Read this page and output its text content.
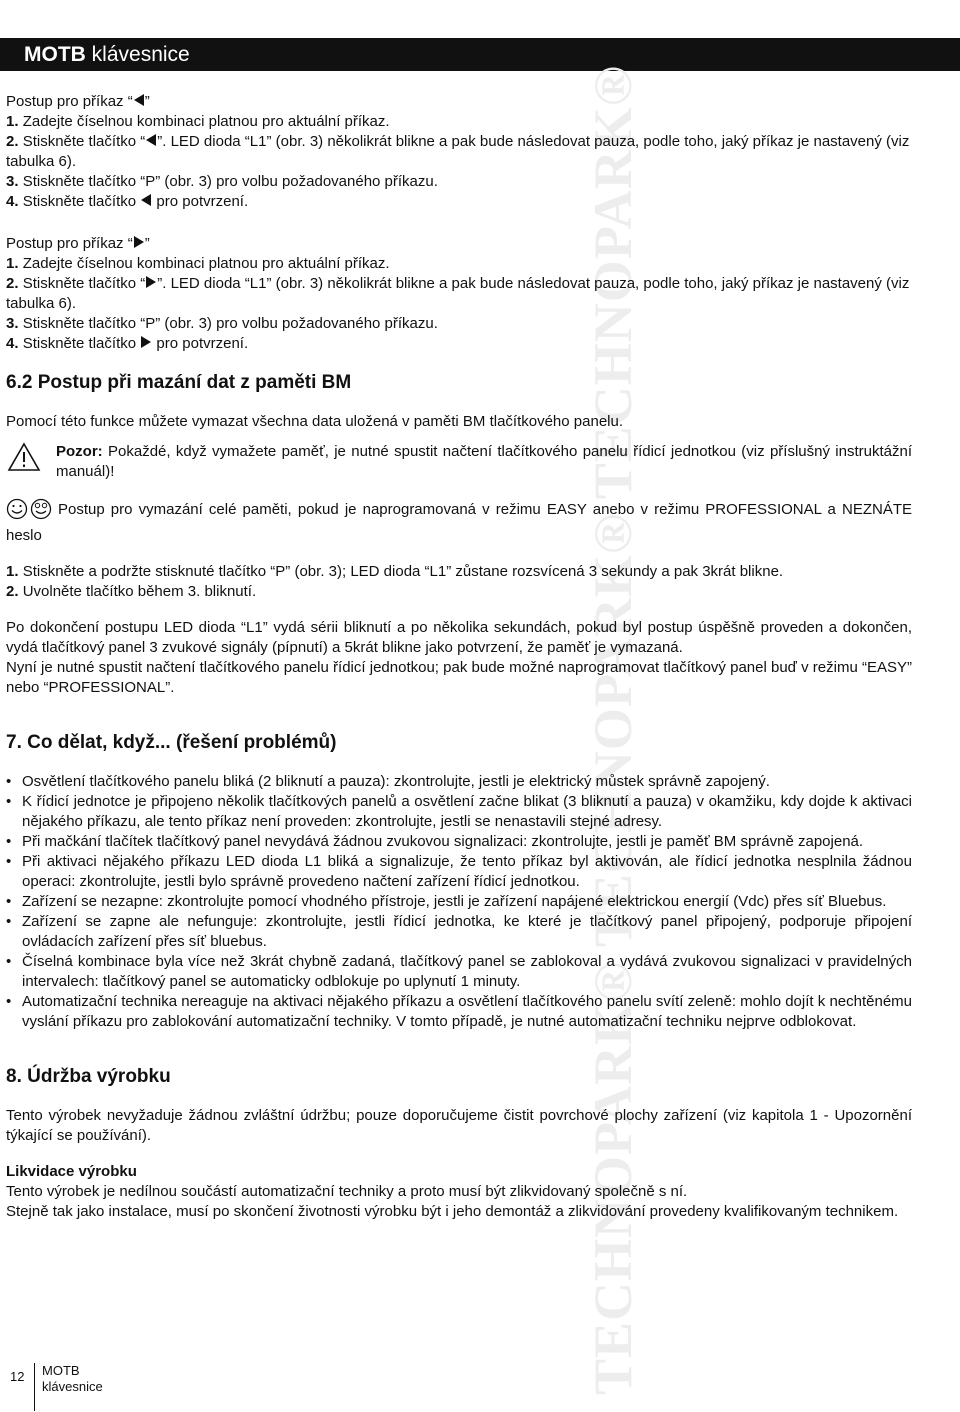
MOTB klávesnice
TECHNOPARK® TECHNOPARK® TECHNOPARK®

Postup pro příkaz “ ”

1. Zadejte číselnou kombinaci platnou pro aktuální příkaz.

2. Stiskněte tlačítko “ ”. LED dioda “L1” (obr. 3) několikrát blikne a pak bude následovat pauza, podle toho, jaký příkaz je nastavený (viz tabulka 6).

3. Stiskněte tlačítko “P” (obr. 3) pro volbu požadovaného příkazu.

4. Stiskněte tlačítko pro potvrzení.

Postup pro příkaz “ ”

1. Zadejte číselnou kombinaci platnou pro aktuální příkaz.

2. Stiskněte tlačítko “ ”. LED dioda “L1” (obr. 3) několikrát blikne a pak bude následovat pauza, podle toho, jaký příkaz je nastavený (viz tabulka 6).

3. Stiskněte tlačítko “P” (obr. 3) pro volbu požadovaného příkazu.

4. Stiskněte tlačítko pro potvrzení.

6.2 Postup při mazání dat z paměti BM

Pomocí této funkce můžete vymazat všechna data uložená v paměti BM tlačítkového panelu.

Pozor: Pokaždé, když vymažete paměť, je nutné spustit načtení tlačítkového panelu řídicí jednotkou (viz příslušný instruktážní manuál)!

Postup pro vymazání celé paměti, pokud je naprogramovaná v režimu EASY anebo v režimu PROFESSIONAL a NEZNÁTE heslo

1. Stiskněte a podržte stisknuté tlačítko “P” (obr. 3); LED dioda “L1” zůstane rozsvícená 3 sekundy a pak 3krát blikne.

2. Uvolněte tlačítko během 3. bliknutí.

Po dokončení postupu LED dioda “L1” vydá sérii bliknutí a po několika sekundách, pokud byl postup úspěšně proveden a dokončen, vydá tlačítkový panel 3 zvukové signály (pípnutí) a 5krát blikne jako potvrzení, že paměť je vymazaná.

Nyní je nutné spustit načtení tlačítkového panelu řídicí jednotkou; pak bude možné naprogramovat tlačítkový panel buď v režimu “EASY” nebo “PROFESSIONAL”.

7. Co dělat, když... (řešení problémů)

• Osvětlení tlačítkového panelu bliká (2 bliknutí a pauza): zkontrolujte, jestli je elektrický můstek správně zapojený.
• K řídicí jednotce je připojeno několik tlačítkových panelů a osvětlení začne blikat (3 bliknutí a pauza) v okamžiku, kdy dojde k aktivaci nějakého příkazu, ale tento příkaz není proveden: zkontrolujte, jestli se nenastavili stejné adresy.
• Při mačkání tlačítek tlačítkový panel nevydává žádnou zvukovou signalizaci: zkontrolujte, jestli je paměť BM správně zapojená.
• Při aktivaci nějakého příkazu LED dioda L1 bliká a signalizuje, že tento příkaz byl aktivován, ale řídicí jednotka nesplnila žádnou operaci: zkontrolujte, jestli bylo správně provedeno načtení zařízení řídicí jednotkou.
• Zařízení se nezapne: zkontrolujte pomocí vhodného přístroje, jestli je zařízení napájené elektrickou energií (Vdc) přes síť Bluebus.
• Zařízení se zapne ale nefunguje: zkontrolujte, jestli řídicí jednotka, ke které je tlačítkový panel připojený, podporuje připojení ovládacích zařízení přes síť bluebus.
• Číselná kombinace byla více než 3krát chybně zadaná, tlačítkový panel se zablokoval a vydává zvukovou signalizaci v pravidelných intervalech: tlačítkový panel se automaticky odblokuje po uplynutí 1 minuty.
• Automatizační technika nereaguje na aktivaci nějakého příkazu a osvětlení tlačítkového panelu svítí zeleně: mohlo dojít k nechtěnému vyslání příkazu pro zablokování automatizační techniky. V tomto případě, je nutné automatizační techniku nejprve odblokovat.

8. Údržba výrobku

Tento výrobek nevyžaduje žádnou zvláštní údržbu; pouze doporučujeme čistit povrchové plochy zařízení (viz kapitola 1 - Upozornění týkající se používání).

Likvidace výrobku

Tento výrobek je nedílnou součástí automatizační techniky a proto musí být zlikvidovaný společně s ní.

Stejně tak jako instalace, musí po skončení životnosti výrobku být i jeho demontáž a zlikvidování provedeny kvalifikovaným technikem.

12 MOTB
klávesnice
